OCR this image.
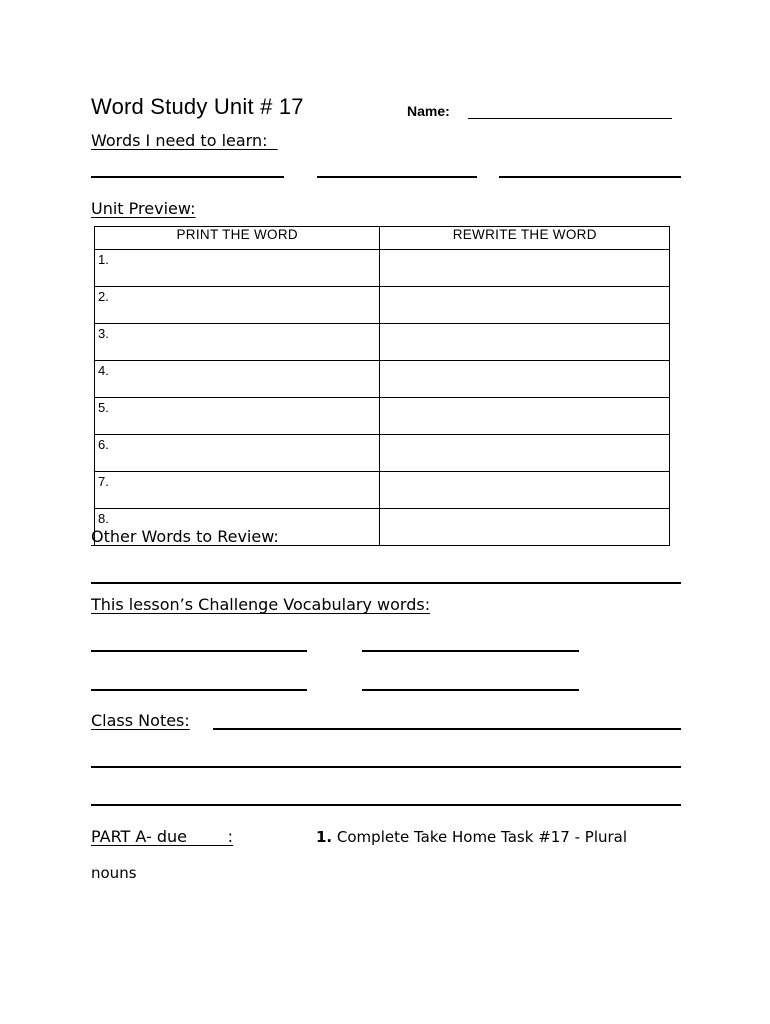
Word Study Unit # 17	Name:
Words I need to learn:
Unit Preview:
PRINT THE WORD	REWRITE THE WORD
1.	
2.	
3.	
4.	
5.	
6.	
7.	
8.	
Other Words to Review:
This lesson’s Challenge Vocabulary words:
Class Notes:
PART A- due        :	1. Complete Take Home Task #17 - Plural
nouns
